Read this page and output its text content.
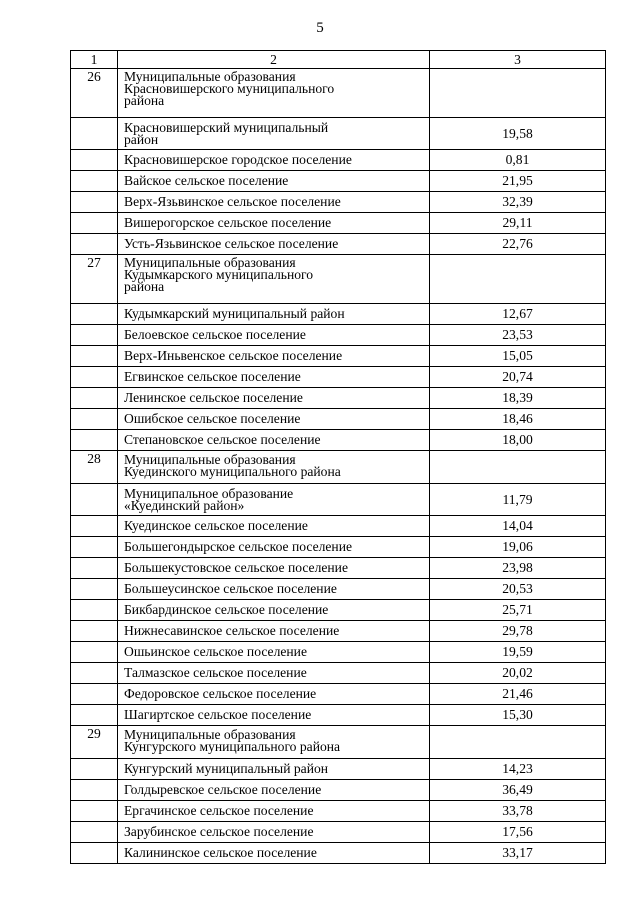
5
1	2	3
26	Муниципальные образования
Красновишерского муниципального
района	

	Красновишерский муниципальный
район	19,58

	Красновишерское городское поселение	0,81

	Вайское сельское поселение	21,95

	Верх-Язьвинское сельское поселение	32,39

	Вишерогорское сельское поселение	29,11

	Усть-Язьвинское сельское поселение	22,76
27	Муниципальные образования
Кудымкарского муниципального
района	

	Кудымкарский муниципальный район	12,67

	Белоевское сельское поселение	23,53

	Верх-Иньвенское сельское поселение	15,05

	Егвинское сельское поселение	20,74

	Ленинское сельское поселение	18,39

	Ошибское сельское поселение	18,46

	Степановское сельское поселение	18,00
28	Муниципальные образования
Куединского муниципального района	

	Муниципальное образование
«Куединский район»	11,79

	Куединское сельское поселение	14,04

	Большегондырское сельское поселение	19,06

	Большекустовское сельское поселение	23,98

	Большеусинское сельское поселение	20,53

	Бикбардинское сельское поселение	25,71

	Нижнесавинское сельское поселение	29,78

	Ошьинское сельское поселение	19,59

	Талмазское сельское поселение	20,02

	Федоровское сельское поселение	21,46

	Шагиртское сельское поселение	15,30
29	Муниципальные образования
Кунгурского муниципального района	

	Кунгурский муниципальный район	14,23

	Голдыревское сельское поселение	36,49

	Ергачинское сельское поселение	33,78

	Зарубинское сельское поселение	17,56

	Калининское сельское поселение	33,17
